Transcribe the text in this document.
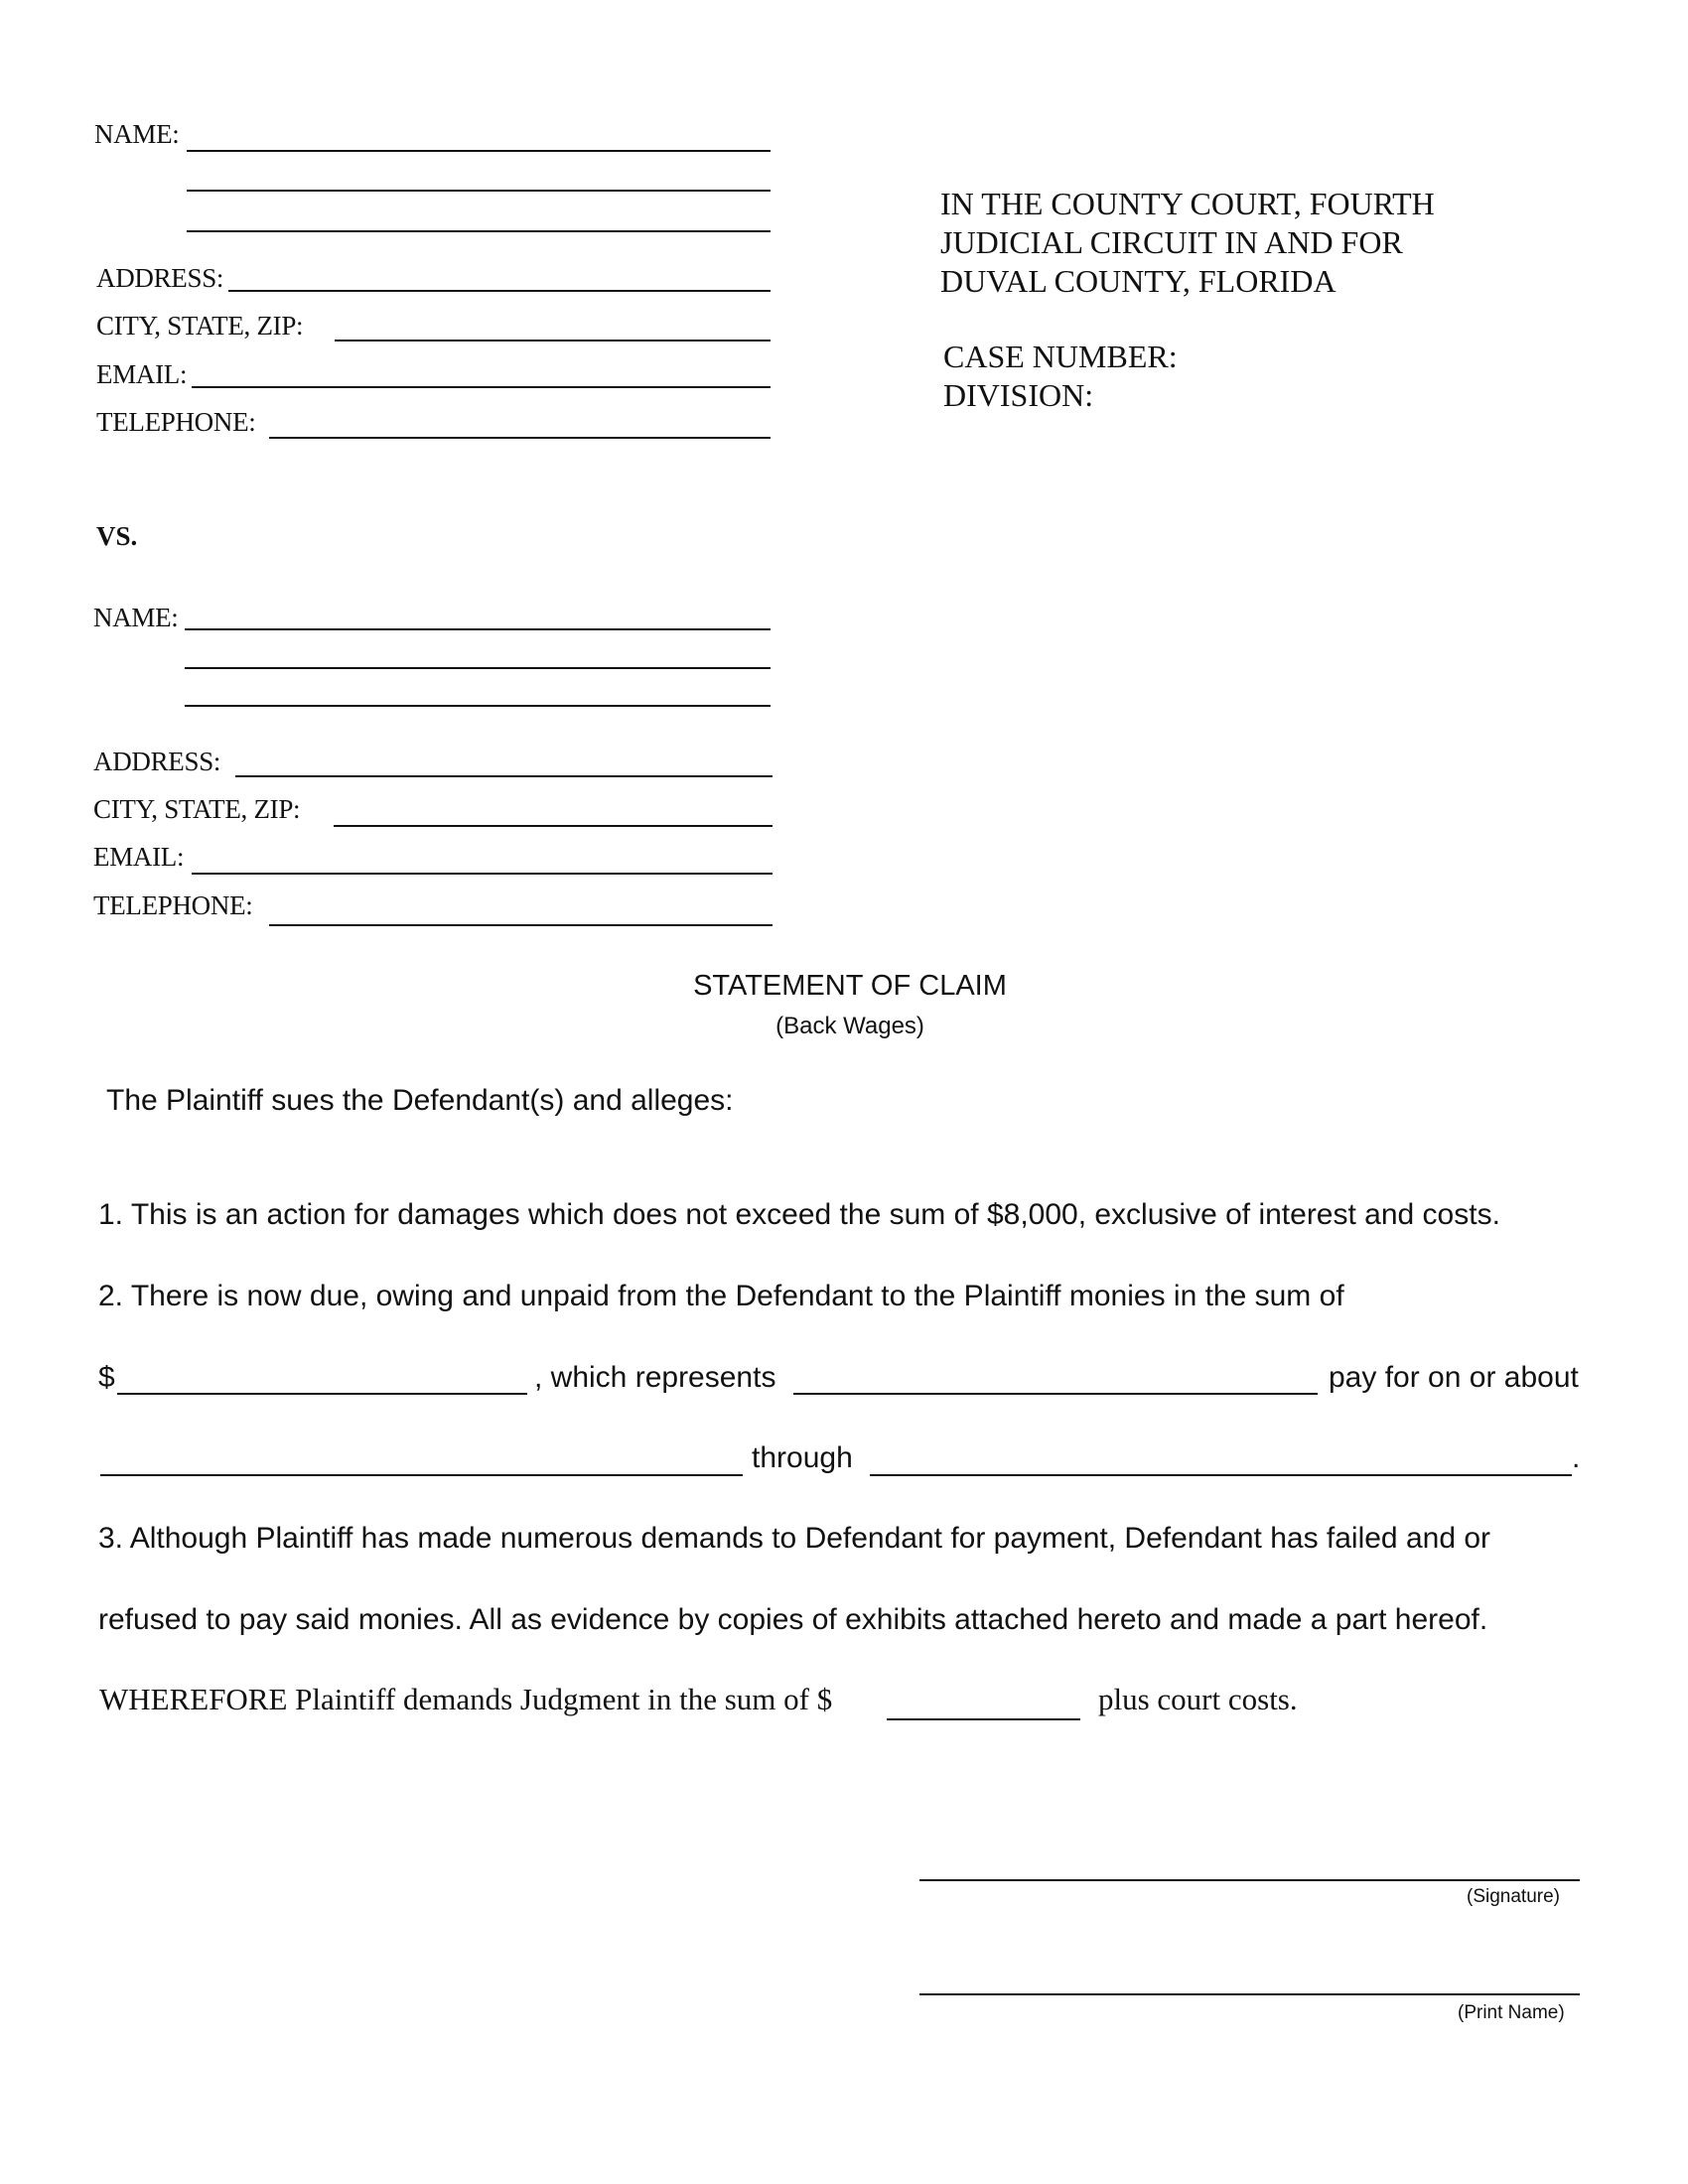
NAME:
ADDRESS:
CITY, STATE, ZIP:
EMAIL:
TELEPHONE:
IN THE COUNTY COURT, FOURTH
JUDICIAL CIRCUIT IN AND FOR
DUVAL COUNTY, FLORIDA
CASE NUMBER:
DIVISION:
VS.
NAME:
ADDRESS:
CITY, STATE, ZIP:
EMAIL:
TELEPHONE:
STATEMENT OF CLAIM
(Back Wages)
The Plaintiff sues the Defendant(s) and alleges:
1. This is an action for damages which does not exceed the sum of $8,000, exclusive of interest and costs.
2. There is now due, owing and unpaid from the Defendant to the Plaintiff monies in the sum of
$	, which represents	pay for on or about
through	.
3. Although Plaintiff has made numerous demands to Defendant for payment, Defendant has failed and or
refused to pay said monies. All as evidence by copies of exhibits attached hereto and made a part hereof.
WHEREFORE Plaintiff demands Judgment in the sum of $	plus court costs.
(Signature)
(Print Name)
